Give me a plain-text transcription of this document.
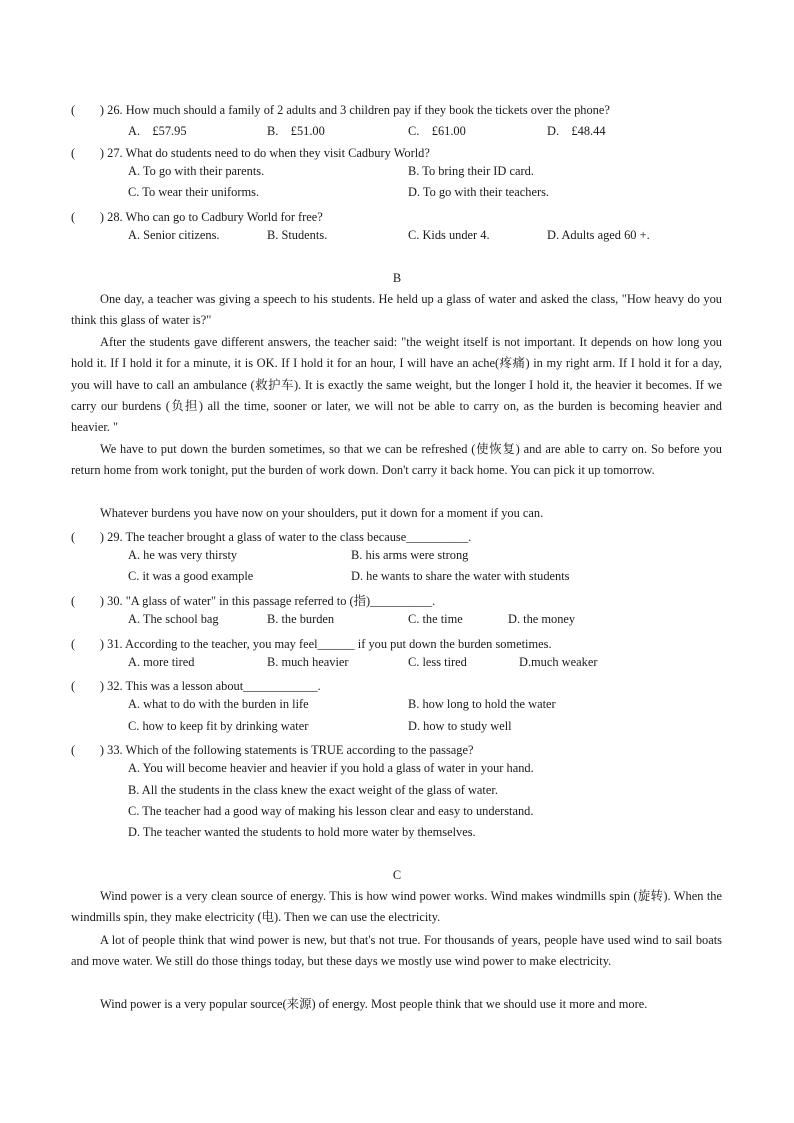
(　　) 26. How much should a family of 2 adults and 3 children pay if they book the tickets over the phone?
A.　£57.95	B.　£51.00	C.　£61.00	D.　£48.44
(　　) 27. What do students need to do when they visit Cadbury World?
A. To go with their parents.	B. To bring their ID card.
C. To wear their uniforms.	D. To go with their teachers.
(　　) 28. Who can go to Cadbury World for free?
A. Senior citizens.	B. Students.	C. Kids under 4.	D. Adults aged 60 +.
B

One day, a teacher was giving a speech to his students. He held up a glass of water and asked the class, "How heavy do you think this glass of water is?"

After the students gave different answers, the teacher said: "the weight itself is not important. It depends on how long you hold it. If I hold it for a minute, it is OK. If I hold it for an hour, I will have an ache(疼痛) in my right arm. If I hold it for a day, you will have to call an ambulance (救护车). It is exactly the same weight, but the longer I hold it, the heavier it becomes. If we carry our burdens (负担) all the time, sooner or later, we will not be able to carry on, as the burden is becoming heavier and heavier. "

We have to put down the burden sometimes, so that we can be refreshed (使恢复) and are able to carry on. So before you return home from work tonight, put the burden of work down. Don't carry it back home. You can pick it up tomorrow.

Whatever burdens you have now on your shoulders, put it down for a moment if you can.

(　　) 29. The teacher brought a glass of water to the class because__________.
A. he was very thirsty	B. his arms were strong
C. it was a good example	D. he wants to share the water with students
(　　) 30. "A glass of water" in this passage referred to (指)__________.
A. The school bag	B. the burden	C. the time	D. the money
(　　) 31. According to the teacher, you may feel______ if you put down the burden sometimes.
A. more tired	B. much heavier	C. less tired	D.much weaker
(　　) 32. This was a lesson about____________.
A. what to do with the burden in life	B. how long to hold the water
C. how to keep fit by drinking water	D. how to study well
(　　) 33. Which of the following statements is TRUE according to the passage?
A. You will become heavier and heavier if you hold a glass of water in your hand.
B. All the students in the class knew the exact weight of the glass of water.
C. The teacher had a good way of making his lesson clear and easy to understand.
D. The teacher wanted the students to hold more water by themselves.
C

Wind power is a very clean source of energy. This is how wind power works. Wind makes windmills spin (旋转). When the windmills spin, they make electricity (电). Then we can use the electricity.

A lot of people think that wind power is new, but that's not true. For thousands of years, people have used wind to sail boats and move water. We still do those things today, but these days we mostly use wind power to make electricity.

Wind power is a very popular source(来源) of energy. Most people think that we should use it more and more.
